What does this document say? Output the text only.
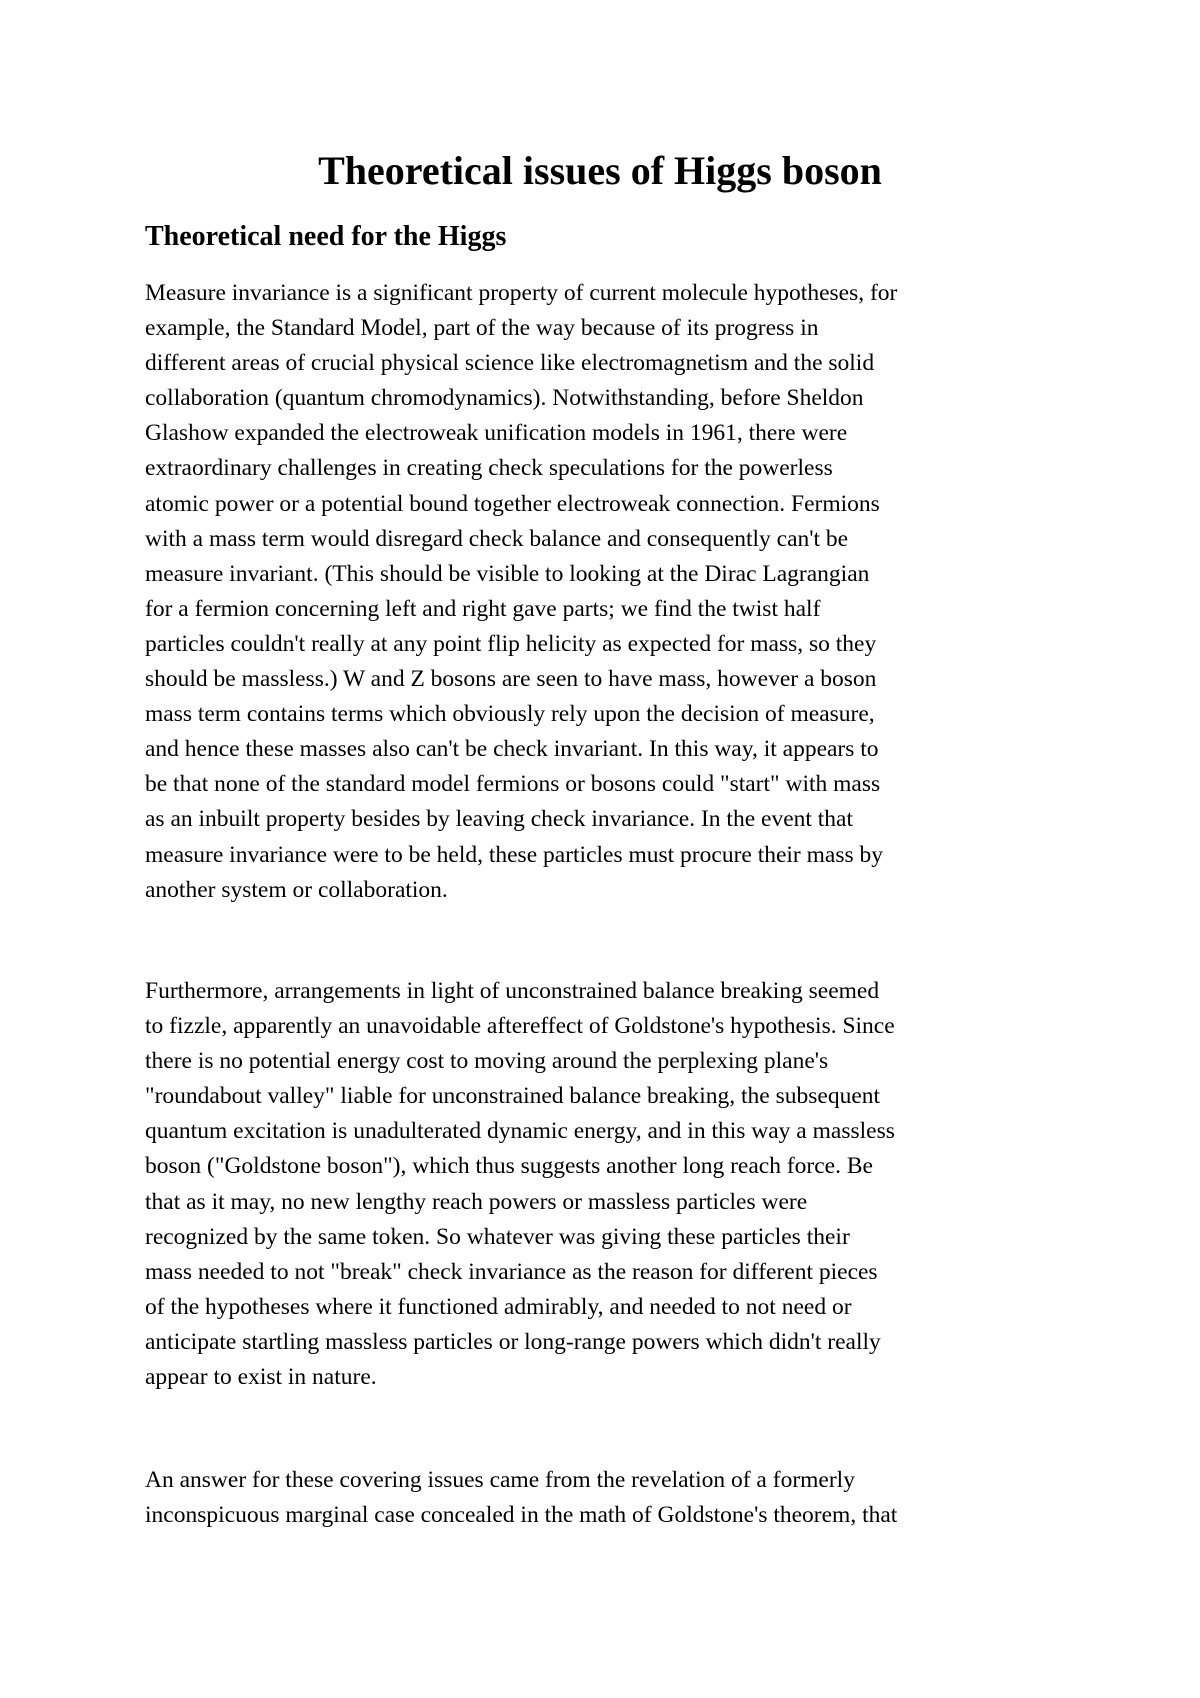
Theoretical issues of Higgs boson
Theoretical need for the Higgs
Measure invariance is a significant property of current molecule hypotheses, for
example, the Standard Model, part of the way because of its progress in
different areas of crucial physical science like electromagnetism and the solid
collaboration (quantum chromodynamics). Notwithstanding, before Sheldon
Glashow expanded the electroweak unification models in 1961, there were
extraordinary challenges in creating check speculations for the powerless
atomic power or a potential bound together electroweak connection. Fermions
with a mass term would disregard check balance and consequently can't be
measure invariant. (This should be visible to looking at the Dirac Lagrangian
for a fermion concerning left and right gave parts; we find the twist half
particles couldn't really at any point flip helicity as expected for mass, so they
should be massless.) W and Z bosons are seen to have mass, however a boson
mass term contains terms which obviously rely upon the decision of measure,
and hence these masses also can't be check invariant. In this way, it appears to
be that none of the standard model fermions or bosons could "start" with mass
as an inbuilt property besides by leaving check invariance. In the event that
measure invariance were to be held, these particles must procure their mass by
another system or collaboration.
Furthermore, arrangements in light of unconstrained balance breaking seemed
to fizzle, apparently an unavoidable aftereffect of Goldstone's hypothesis. Since
there is no potential energy cost to moving around the perplexing plane's
"roundabout valley" liable for unconstrained balance breaking, the subsequent
quantum excitation is unadulterated dynamic energy, and in this way a massless
boson ("Goldstone boson"), which thus suggests another long reach force. Be
that as it may, no new lengthy reach powers or massless particles were
recognized by the same token. So whatever was giving these particles their
mass needed to not "break" check invariance as the reason for different pieces
of the hypotheses where it functioned admirably, and needed to not need or
anticipate startling massless particles or long-range powers which didn't really
appear to exist in nature.
An answer for these covering issues came from the revelation of a formerly
inconspicuous marginal case concealed in the math of Goldstone's theorem, that
